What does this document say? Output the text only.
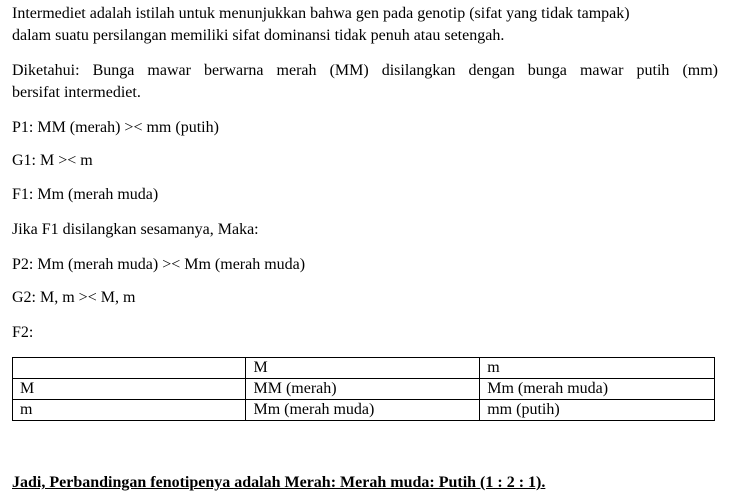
Intermediet adalah istilah untuk menunjukkan bahwa gen pada genotip (sifat yang tidak tampak)

dalam suatu persilangan memiliki sifat dominansi tidak penuh atau setengah.

Diketahui: Bunga mawar berwarna merah (MM) disilangkan dengan bunga mawar putih (mm)

bersifat intermediet.

P1: MM (merah) >< mm (putih)

G1: M >< m

F1: Mm (merah muda)

Jika F1 disilangkan sesamanya, Maka:

P2: Mm (merah muda) >< Mm (merah muda)

G2: M, m >< M, m

F2:

	M	m
M	MM (merah)	Mm (merah muda)
m	Mm (merah muda)	mm (putih)

Jadi, Perbandingan fenotipenya adalah Merah: Merah muda: Putih (1 : 2 : 1).
